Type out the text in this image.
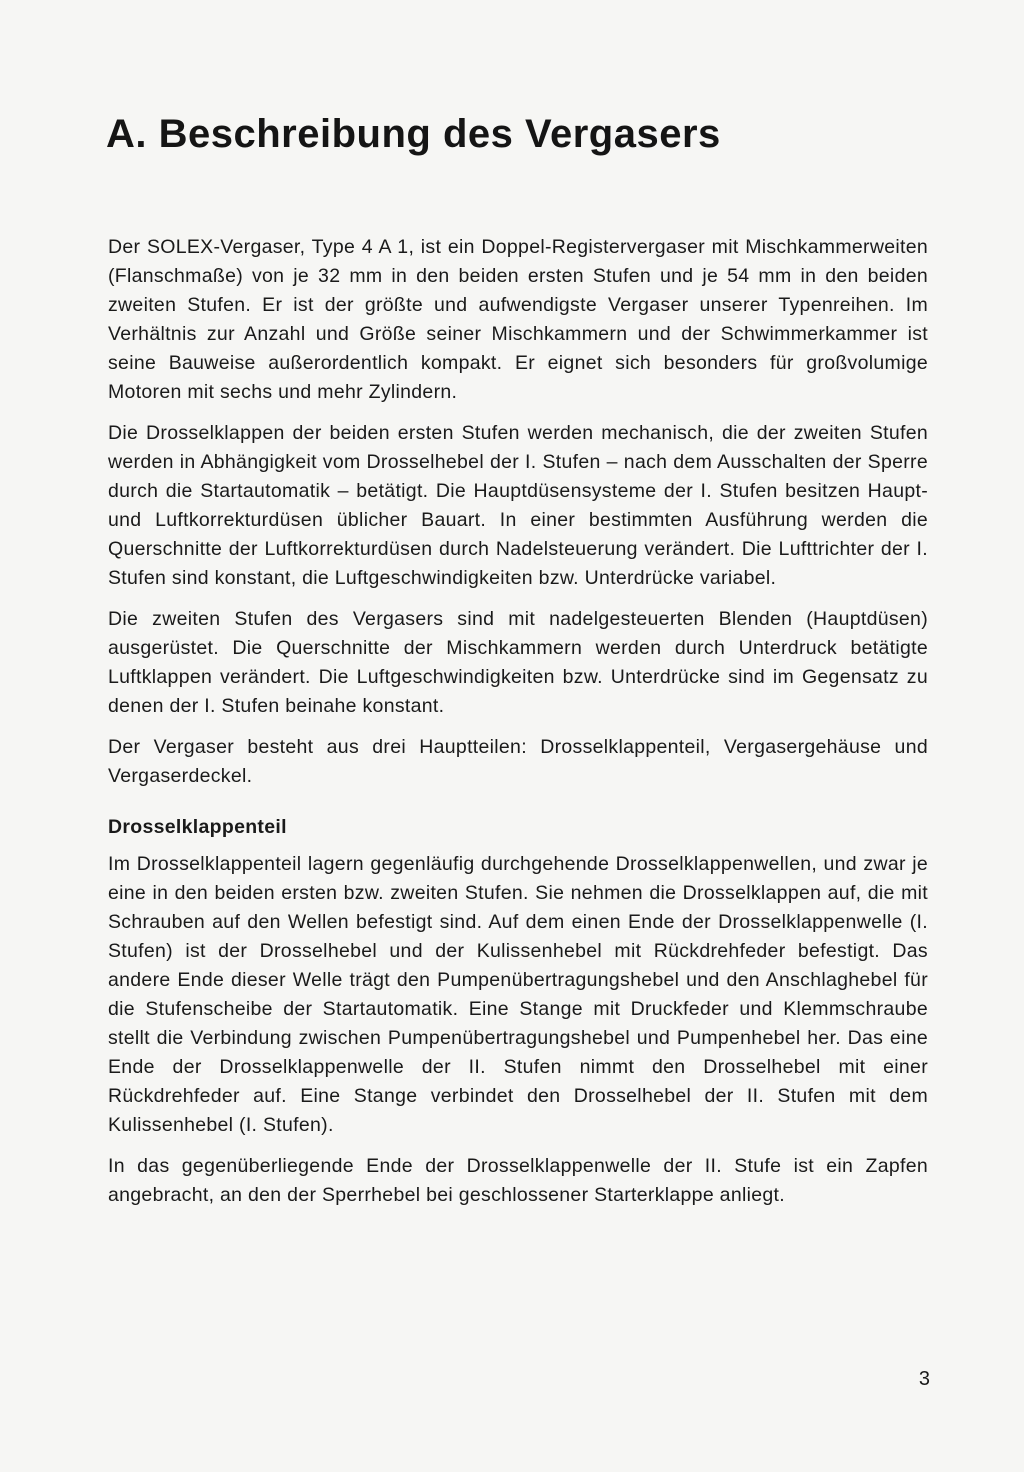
A. Beschreibung des Vergasers

Der SOLEX-Vergaser, Type 4 A 1, ist ein Doppel-Registervergaser mit Mischkammerweiten (Flanschmaße) von je 32 mm in den beiden ersten Stufen und je 54 mm in den beiden zweiten Stufen. Er ist der größte und aufwendigste Vergaser unserer Typenreihen. Im Verhältnis zur Anzahl und Größe seiner Mischkammern und der Schwimmerkammer ist seine Bauweise außerordentlich kompakt. Er eignet sich besonders für großvolumige Motoren mit sechs und mehr Zylindern.

Die Drosselklappen der beiden ersten Stufen werden mechanisch, die der zweiten Stufen werden in Abhängigkeit vom Drosselhebel der I. Stufen – nach dem Ausschalten der Sperre durch die Startautomatik – betätigt. Die Hauptdüsensysteme der I. Stufen besitzen Haupt- und Luftkorrekturdüsen üblicher Bauart. In einer bestimmten Ausführung werden die Querschnitte der Luftkorrekturdüsen durch Nadelsteuerung verändert. Die Lufttrichter der I. Stufen sind konstant, die Luftgeschwindigkeiten bzw. Unterdrücke variabel.

Die zweiten Stufen des Vergasers sind mit nadelgesteuerten Blenden (Hauptdüsen) ausgerüstet. Die Querschnitte der Mischkammern werden durch Unterdruck betätigte Luftklappen verändert. Die Luftgeschwindigkeiten bzw. Unterdrücke sind im Gegensatz zu denen der I. Stufen beinahe konstant.

Der Vergaser besteht aus drei Hauptteilen: Drosselklappenteil, Vergasergehäuse und Vergaserdeckel.

Drosselklappenteil

Im Drosselklappenteil lagern gegenläufig durchgehende Drosselklappenwellen, und zwar je eine in den beiden ersten bzw. zweiten Stufen. Sie nehmen die Drosselklappen auf, die mit Schrauben auf den Wellen befestigt sind. Auf dem einen Ende der Drosselklappenwelle (I. Stufen) ist der Drosselhebel und der Kulissenhebel mit Rückdrehfeder befestigt. Das andere Ende dieser Welle trägt den Pumpenübertragungshebel und den Anschlaghebel für die Stufenscheibe der Startautomatik. Eine Stange mit Druckfeder und Klemmschraube stellt die Verbindung zwischen Pumpenübertragungshebel und Pumpenhebel her. Das eine Ende der Drosselklappenwelle der II. Stufen nimmt den Drosselhebel mit einer Rückdrehfeder auf. Eine Stange verbindet den Drosselhebel der II. Stufen mit dem Kulissenhebel (I. Stufen).

In das gegenüberliegende Ende der Drosselklappenwelle der II. Stufe ist ein Zapfen angebracht, an den der Sperrhebel bei geschlossener Starterklappe anliegt.

3
